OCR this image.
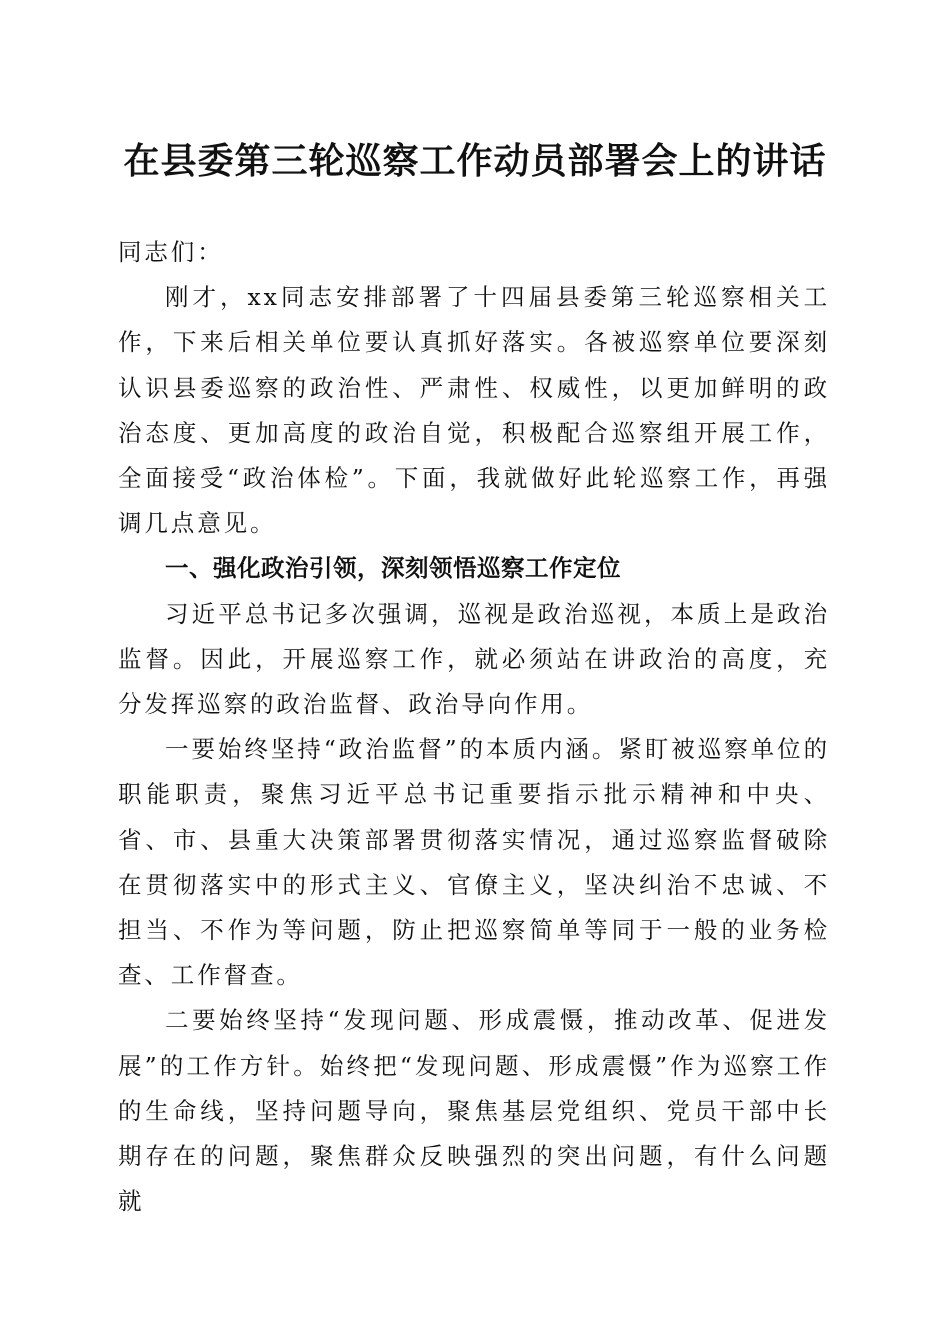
在县委第三轮巡察工作动员部署会上的讲话

同志们：

刚才，xx同志安排部署了十四届县委第三轮巡察相关工作，下来后相关单位要认真抓好落实。各被巡察单位要深刻认识县委巡察的政治性、严肃性、权威性，以更加鲜明的政治态度、更加高度的政治自觉，积极配合巡察组开展工作，全面接受“政治体检”。下面，我就做好此轮巡察工作，再强调几点意见。

一、强化政治引领，深刻领悟巡察工作定位

习近平总书记多次强调，巡视是政治巡视，本质上是政治监督。因此，开展巡察工作，就必须站在讲政治的高度，充分发挥巡察的政治监督、政治导向作用。

一要始终坚持“政治监督”的本质内涵。紧盯被巡察单位的职能职责，聚焦习近平总书记重要指示批示精神和中央、省、市、县重大决策部署贯彻落实情况，通过巡察监督破除在贯彻落实中的形式主义、官僚主义，坚决纠治不忠诚、不担当、不作为等问题，防止把巡察简单等同于一般的业务检查、工作督查。

二要始终坚持“发现问题、形成震慑，推动改革、促进发展”的工作方针。始终把“发现问题、形成震慑”作为巡察工作的生命线，坚持问题导向，聚焦基层党组织、党员干部中长期存在的问题，聚焦群众反映强烈的突出问题，有什么问题就
